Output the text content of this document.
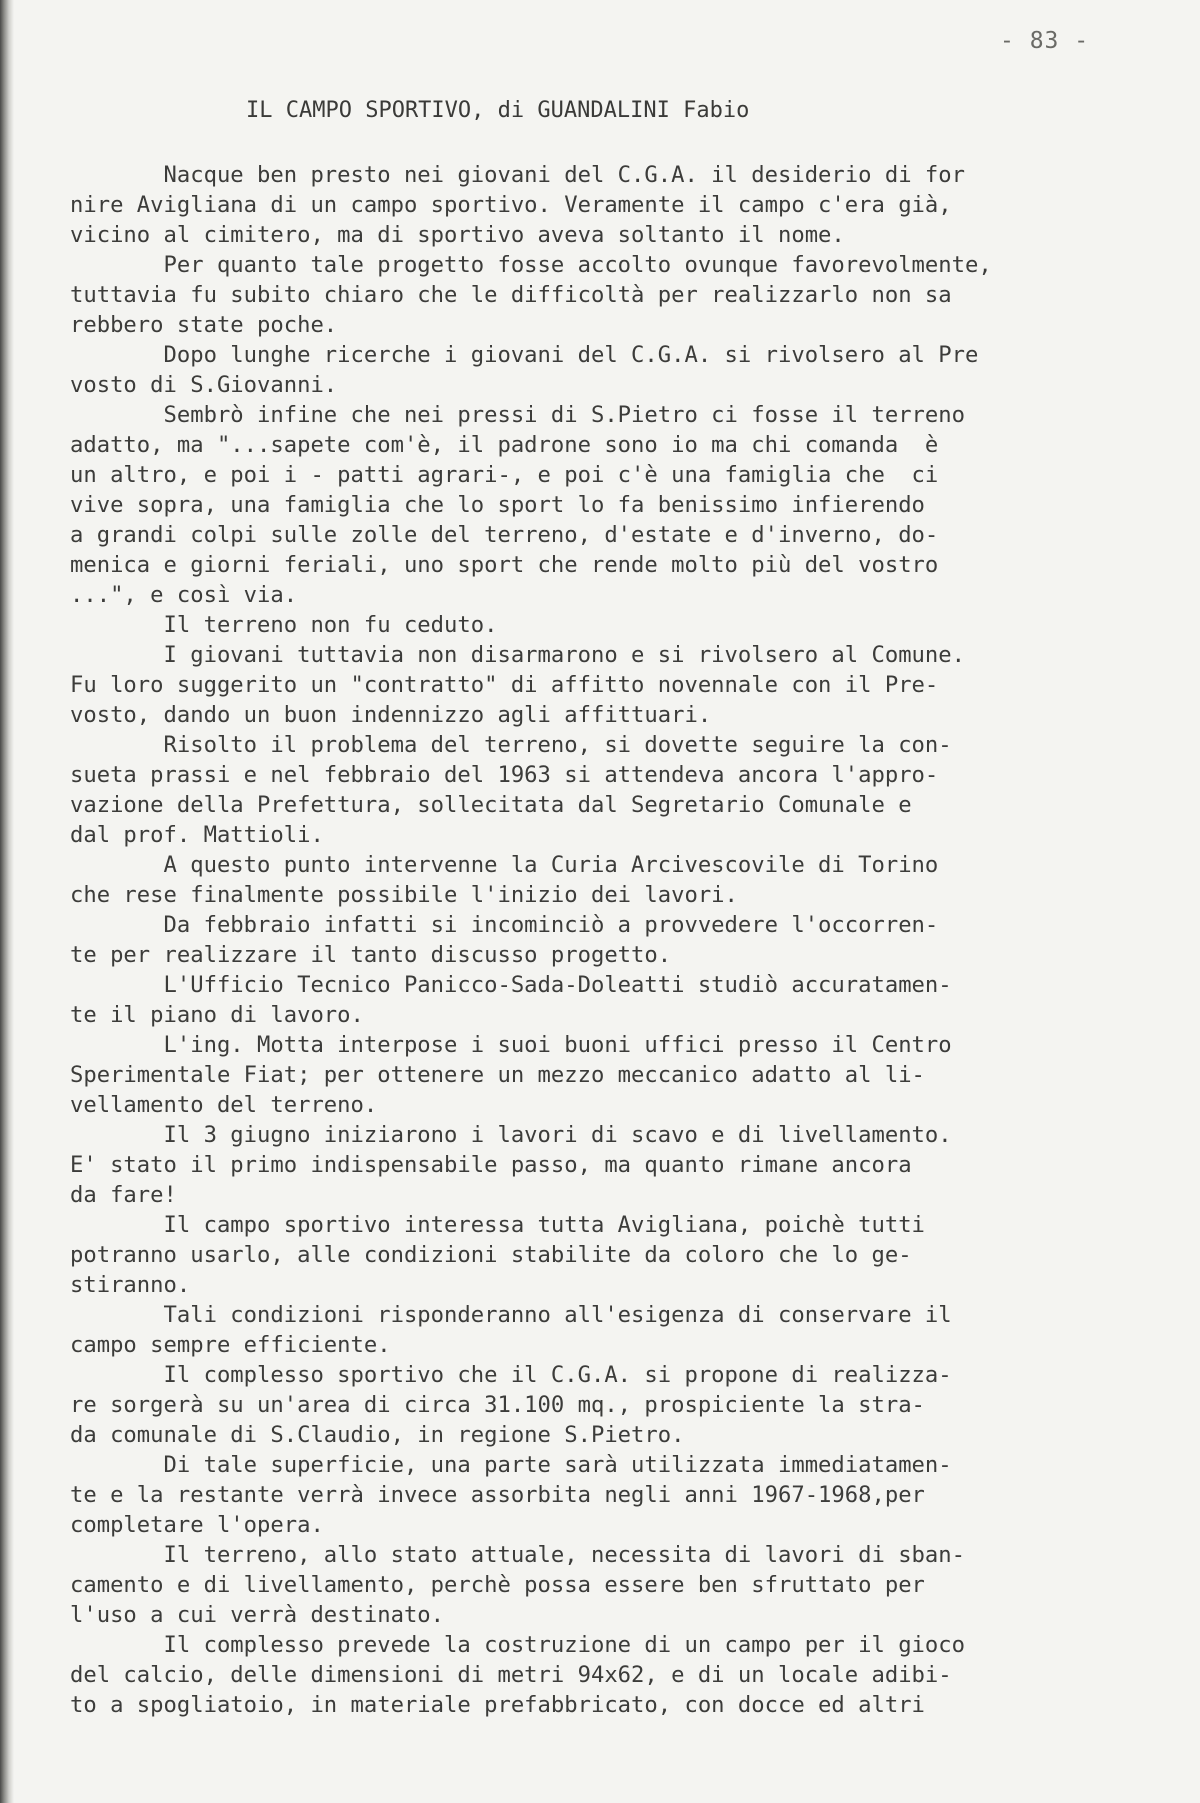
- 83 -
IL CAMPO SPORTIVO, di GUANDALINI Fabio
Nacque ben presto nei giovani del C.G.A. il desiderio di for
nire Avigliana di un campo sportivo. Veramente il campo c'era già,
vicino al cimitero, ma di sportivo aveva soltanto il nome.
Per quanto tale progetto fosse accolto ovunque favorevolmente,
tuttavia fu subito chiaro che le difficoltà per realizzarlo non sa
rebbero state poche.
Dopo lunghe ricerche i giovani del C.G.A. si rivolsero al Pre
vosto di S.Giovanni.
Sembrò infine che nei pressi di S.Pietro ci fosse il terreno
adatto, ma "...sapete com'è, il padrone sono io ma chi comanda  è
un altro, e poi i - patti agrari-, e poi c'è una famiglia che  ci
vive sopra, una famiglia che lo sport lo fa benissimo infierendo
a grandi colpi sulle zolle del terreno, d'estate e d'inverno, do-
menica e giorni feriali, uno sport che rende molto più del vostro
...", e così via.
Il terreno non fu ceduto.
I giovani tuttavia non disarmarono e si rivolsero al Comune.
Fu loro suggerito un "contratto" di affitto novennale con il Pre-
vosto, dando un buon indennizzo agli affittuari.
Risolto il problema del terreno, si dovette seguire la con-
sueta prassi e nel febbraio del 1963 si attendeva ancora l'appro-
vazione della Prefettura, sollecitata dal Segretario Comunale e
dal prof. Mattioli.
A questo punto intervenne la Curia Arcivescovile di Torino
che rese finalmente possibile l'inizio dei lavori.
Da febbraio infatti si incominciò a provvedere l'occorren-
te per realizzare il tanto discusso progetto.
L'Ufficio Tecnico Panicco-Sada-Doleatti studiò accuratamen-
te il piano di lavoro.
L'ing. Motta interpose i suoi buoni uffici presso il Centro
Sperimentale Fiat; per ottenere un mezzo meccanico adatto al li-
vellamento del terreno.
Il 3 giugno iniziarono i lavori di scavo e di livellamento.
E' stato il primo indispensabile passo, ma quanto rimane ancora
da fare!
Il campo sportivo interessa tutta Avigliana, poichè tutti
potranno usarlo, alle condizioni stabilite da coloro che lo ge-
stiranno.
Tali condizioni risponderanno all'esigenza di conservare il
campo sempre efficiente.
Il complesso sportivo che il C.G.A. si propone di realizza-
re sorgerà su un'area di circa 31.100 mq., prospiciente la stra-
da comunale di S.Claudio, in regione S.Pietro.
Di tale superficie, una parte sarà utilizzata immediatamen-
te e la restante verrà invece assorbita negli anni 1967-1968,per
completare l'opera.
Il terreno, allo stato attuale, necessita di lavori di sban-
camento e di livellamento, perchè possa essere ben sfruttato per
l'uso a cui verrà destinato.
Il complesso prevede la costruzione di un campo per il gioco
del calcio, delle dimensioni di metri 94x62, e di un locale adibi-
to a spogliatoio, in materiale prefabbricato, con docce ed altri
